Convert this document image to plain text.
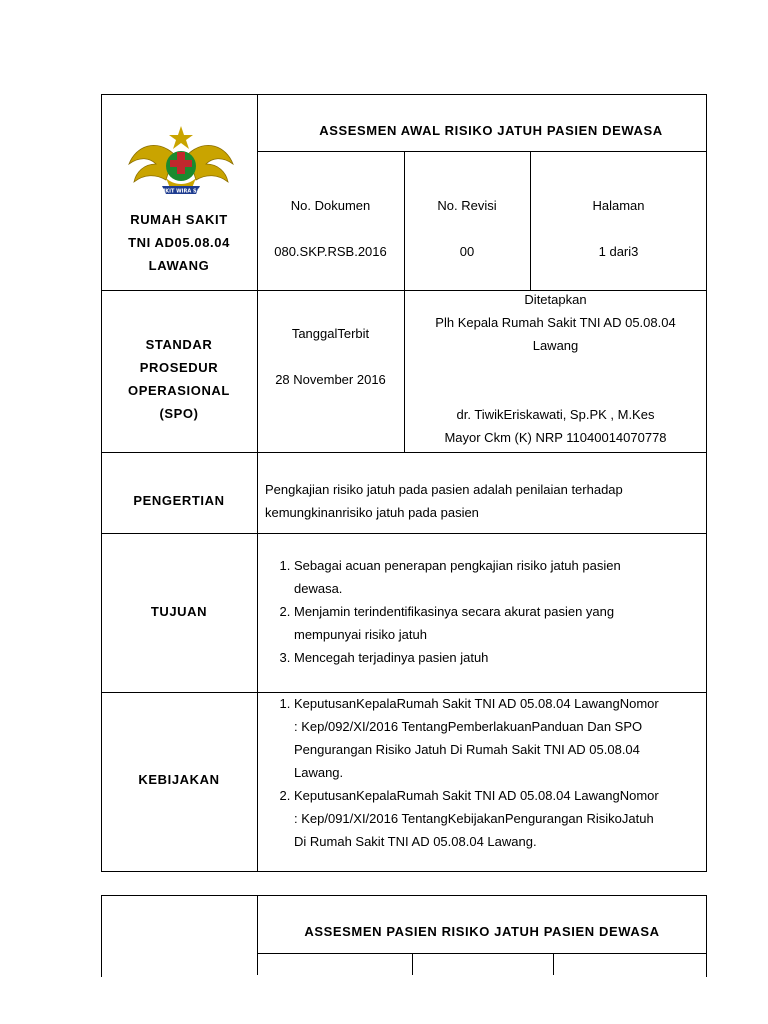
RUMKIT WIRA SAKTI
RUMAH SAKIT
TNI AD05.08.04
LAWANG
ASSESMEN AWAL RISIKO JATUH PASIEN DEWASA
No. Dokumen
080.SKP.RSB.2016
No. Revisi
00
Halaman
1 dari3
STANDAR
PROSEDUR
OPERASIONAL
(SPO)
TanggalTerbit
28 November 2016
Ditetapkan
Plh Kepala Rumah Sakit TNI AD 05.08.04
Lawang
dr. TiwikEriskawati, Sp.PK , M.Kes
Mayor Ckm (K) NRP 11040014070778
PENGERTIAN
Pengkajian risiko jatuh pada pasien adalah penilaian terhadap
kemungkinanrisiko jatuh pada pasien
TUJUAN
1. Sebagai acuan penerapan pengkajian risiko jatuh pasien
dewasa.
2. Menjamin terindentifikasinya secara akurat pasien yang
mempunyai risiko jatuh
3. Mencegah terjadinya pasien jatuh
KEBIJAKAN
1. KeputusanKepalaRumah Sakit TNI AD 05.08.04 LawangNomor
: Kep/092/XI/2016 TentangPemberlakuanPanduan Dan SPO
Pengurangan Risiko Jatuh Di Rumah Sakit TNI AD 05.08.04
Lawang.
2. KeputusanKepalaRumah Sakit TNI AD 05.08.04 LawangNomor
: Kep/091/XI/2016 TentangKebijakanPengurangan RisikoJatuh
Di Rumah Sakit TNI AD 05.08.04 Lawang.
ASSESMEN PASIEN RISIKO JATUH PASIEN DEWASA
